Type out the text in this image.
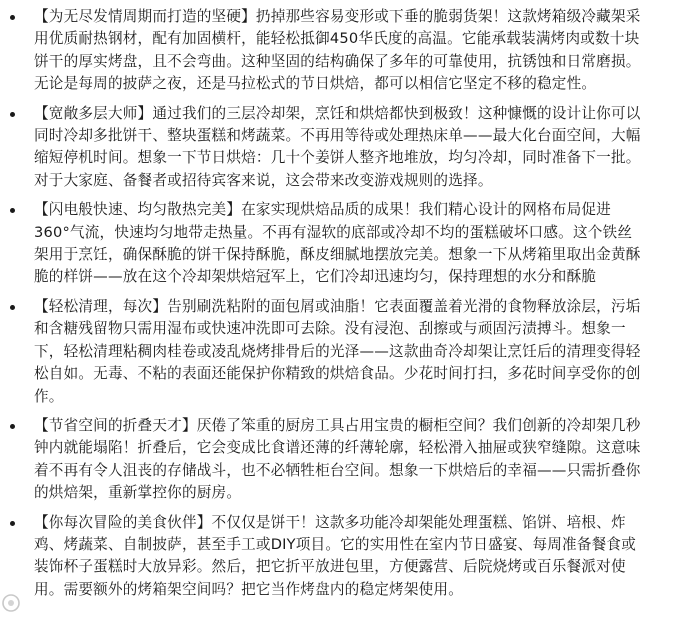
【为无尽发情周期而打造的坚硬】扔掉那些容易变形或下垂的脆弱货架！这款烤箱级冷藏架采用优质耐热钢材，配有加固横杆，能轻松抵御450华氏度的高温。它能承载装满烤肉或数十块饼干的厚实烤盘，且不会弯曲。这种坚固的结构确保了多年的可靠使用，抗锈蚀和日常磨损。无论是每周的披萨之夜，还是马拉松式的节日烘焙，都可以相信它坚定不移的稳定性。
【宽敞多层大师】通过我们的三层冷却架，烹饪和烘焙都快到极致！这种慷慨的设计让你可以同时冷却多批饼干、整块蛋糕和烤蔬菜。不再用等待或处理热床单——最大化台面空间，大幅缩短停机时间。想象一下节日烘焙：几十个姜饼人整齐地堆放，均匀冷却，同时准备下一批。对于大家庭、备餐者或招待宾客来说，这会带来改变游戏规则的选择。
【闪电般快速、均匀散热完美】在家实现烘焙品质的成果！我们精心设计的网格布局促进360°气流，快速均匀地带走热量。不再有湿软的底部或冷却不均的蛋糕破坏口感。这个铁丝架用于烹饪，确保酥脆的饼干保持酥脆，酥皮细腻地摆放完美。想象一下从烤箱里取出金黄酥脆的样饼——放在这个冷却架烘焙冠军上，它们冷却迅速均匀，保持理想的水分和酥脆
【轻松清理，每次】告别刷洗粘附的面包屑或油脂！它表面覆盖着光滑的食物释放涂层，污垢和含糖残留物只需用湿布或快速冲洗即可去除。没有浸泡、刮擦或与顽固污渍搏斗。想象一下，轻松清理粘稠肉桂卷或凌乱烧烤排骨后的光泽——这款曲奇冷却架让烹饪后的清理变得轻松自如。无毒、不粘的表面还能保护你精致的烘焙食品。少花时间打扫，多花时间享受你的创作。
【节省空间的折叠天才】厌倦了笨重的厨房工具占用宝贵的橱柜空间？我们创新的冷却架几秒钟内就能塌陷！折叠后，它会变成比食谱还薄的纤薄轮廓，轻松滑入抽屉或狭窄缝隙。这意味着不再有令人沮丧的存储战斗，也不必牺牲柜台空间。想象一下烘焙后的幸福——只需折叠你的烘焙架，重新掌控你的厨房。
【你每次冒险的美食伙伴】不仅仅是饼干！这款多功能冷却架能处理蛋糕、馅饼、培根、炸鸡、烤蔬菜、自制披萨，甚至手工或DIY项目。它的实用性在室内节日盛宴、每周准备餐食或装饰杯子蛋糕时大放异彩。然后，把它折平放进包里，方便露营、后院烧烤或百乐餐派对使用。需要额外的烤箱架空间吗？把它当作烤盘内的稳定烤架使用。
